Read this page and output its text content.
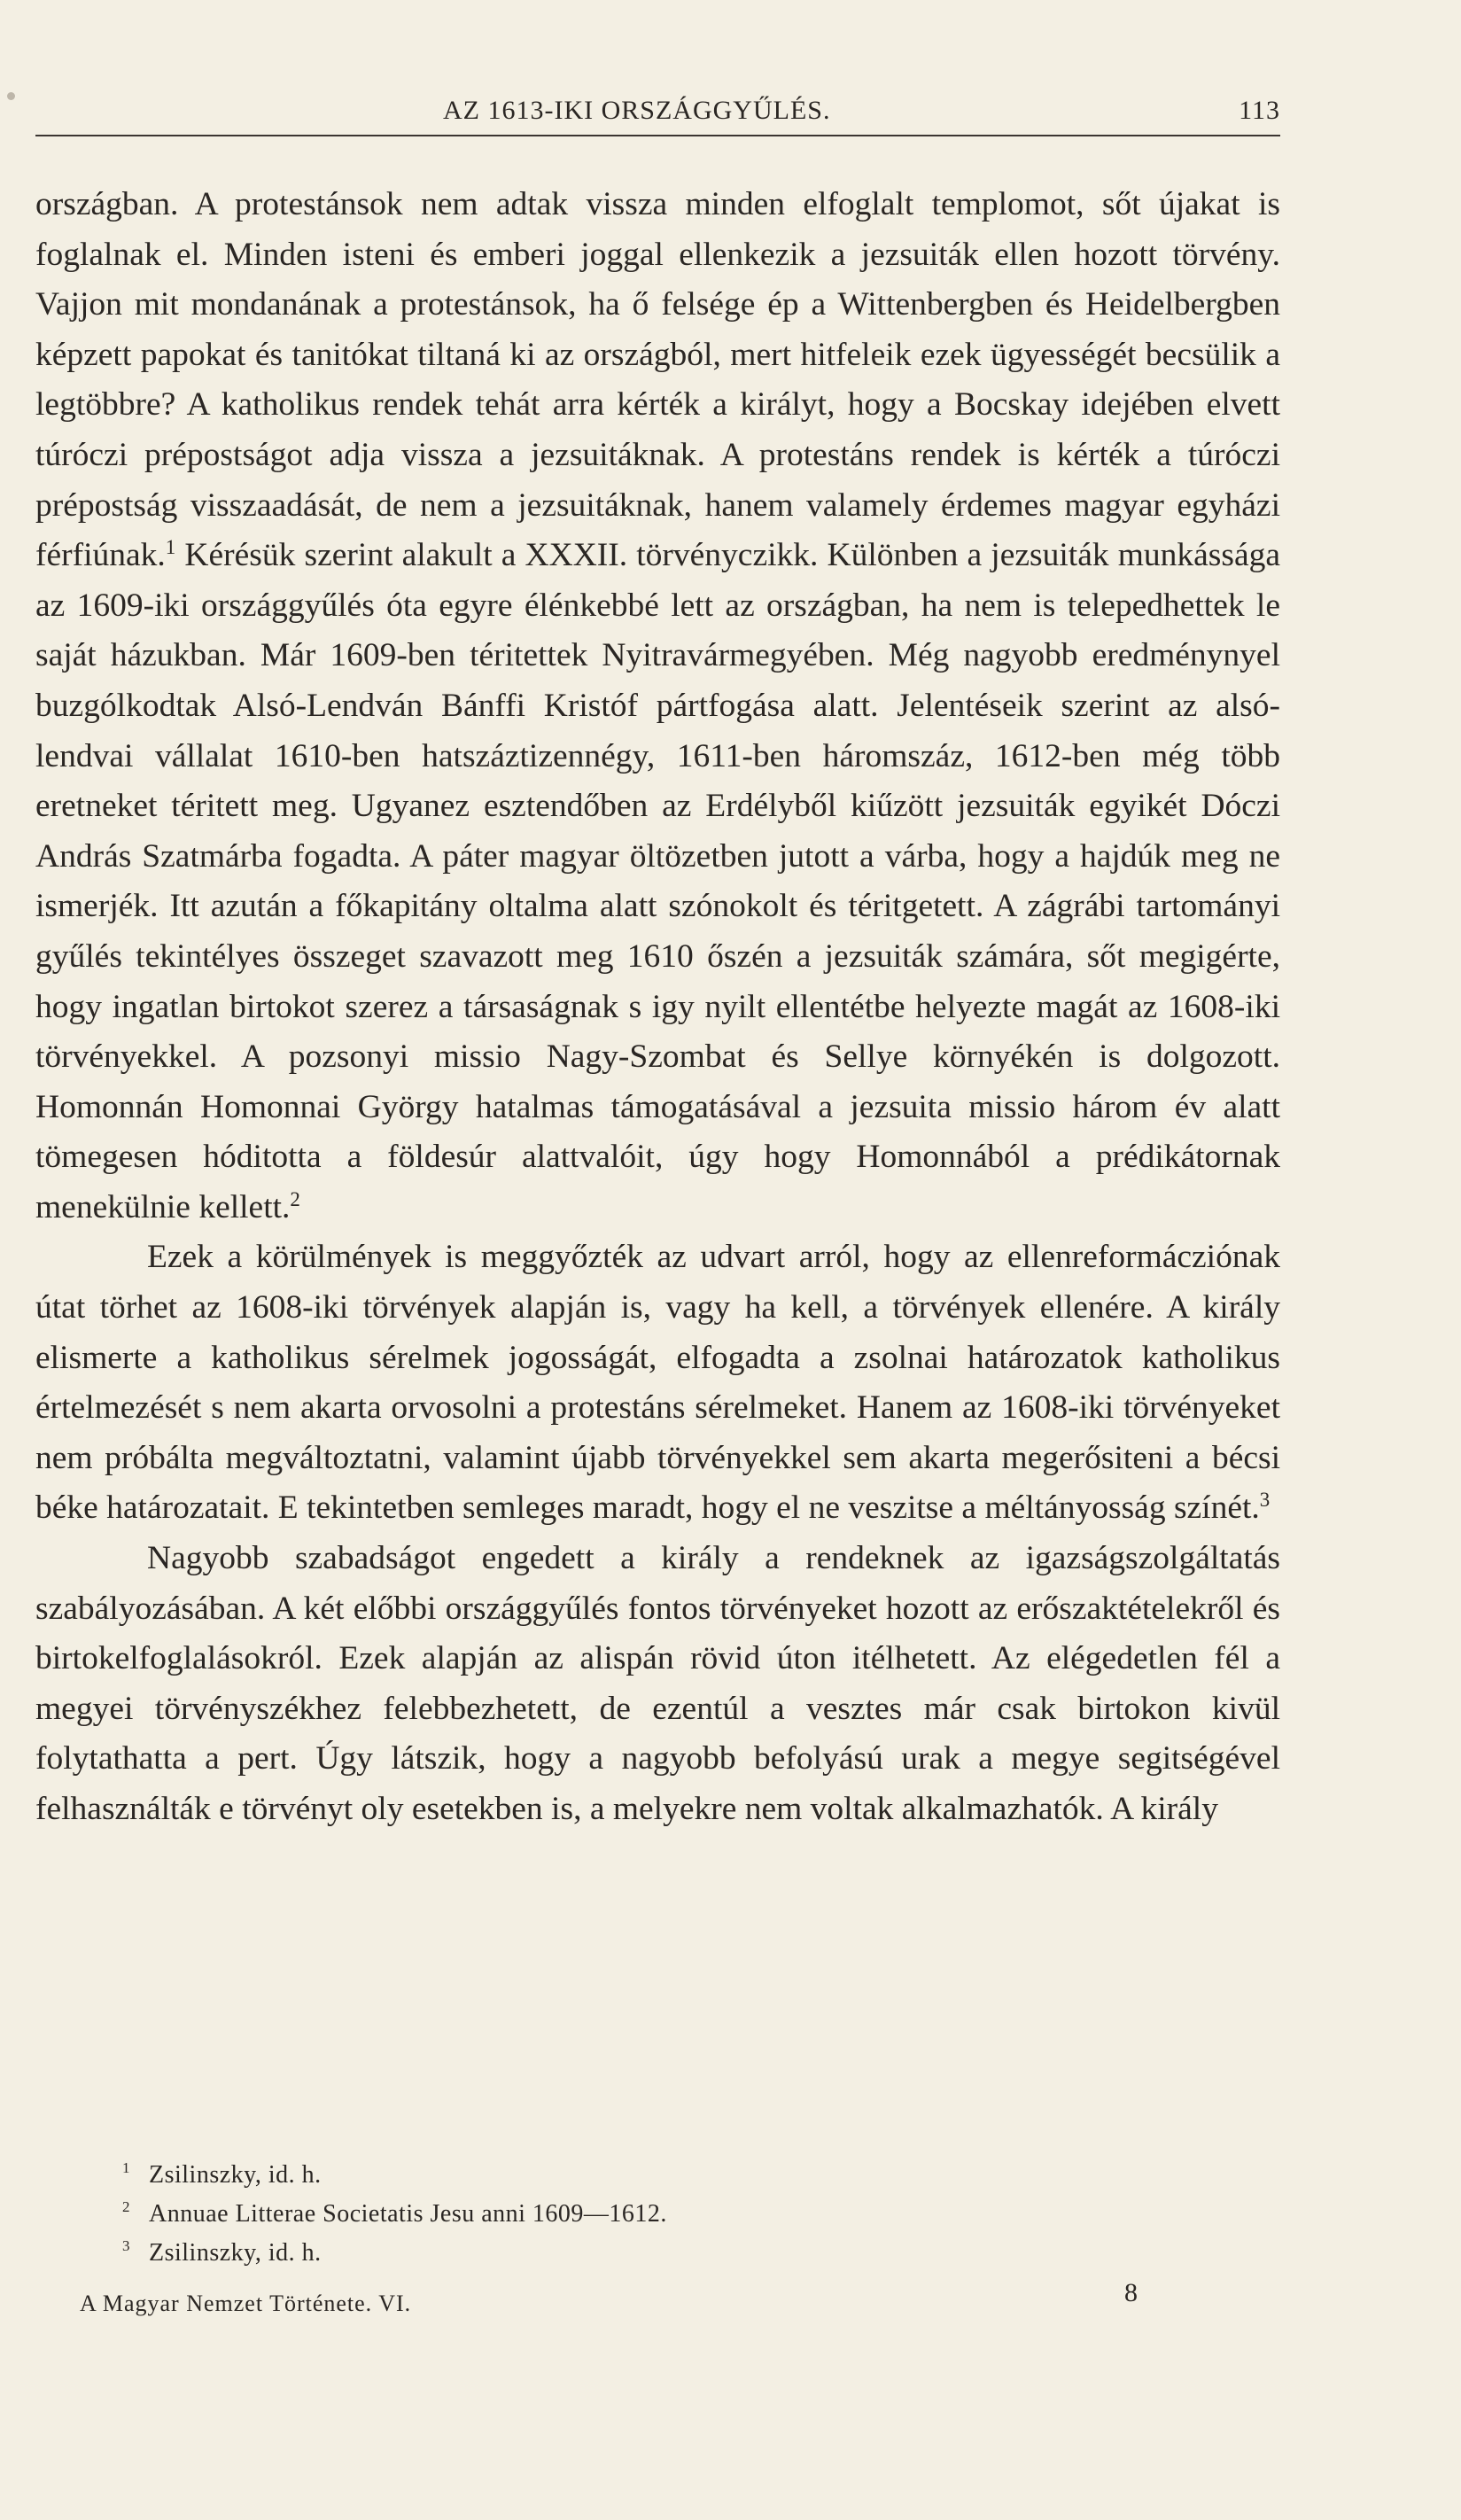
AZ 1613-IKI ORSZÁGGYŰLÉS.	113

országban. A protestánsok nem adtak vissza minden elfoglalt templomot, sőt újakat is foglalnak el. Minden isteni és emberi joggal ellenkezik a jezsuiták ellen hozott törvény. Vajjon mit mondanának a protestánsok, ha ő felsége ép a Wittenbergben és Heidelbergben képzett papokat és tanitókat tiltaná ki az országból, mert hitfeleik ezek ügyességét becsülik a legtöbbre? A katholikus rendek tehát arra kérték a királyt, hogy a Bocskay idejében elvett túróczi prépostságot adja vissza a jezsuitáknak. A protestáns rendek is kérték a túróczi prépostság visszaadását, de nem a jezsuitáknak, hanem valamely érdemes magyar egyházi férfiúnak.$^1$ Kérésük szerint alakult a XXXII. törvényczikk. Különben a jezsuiták munkássága az 1609-iki országgyűlés óta egyre élénkebbé lett az országban, ha nem is telepedhettek le saját házukban. Már 1609-ben téritettek Nyitravármegyében. Még nagyobb eredménynyel buzgólkodtak Alsó-Lendván Bánffi Kristóf pártfogása alatt. Jelentéseik szerint az alsó-lendvai vállalat 1610-ben hatszáztizennégy, 1611-ben háromszáz, 1612-ben még több eretneket téritett meg. Ugyanez esztendőben az Erdélyből kiűzött jezsuiták egyikét Dóczi András Szatmárba fogadta. A páter magyar öltözetben jutott a várba, hogy a hajdúk meg ne ismerjék. Itt azután a főkapitány oltalma alatt szónokolt és téritgetett. A zágrábi tartományi gyűlés tekintélyes összeget szavazott meg 1610 őszén a jezsuiták számára, sőt megigérte, hogy ingatlan birtokot szerez a társaságnak s igy nyilt ellentétbe helyezte magát az 1608-iki törvényekkel. A pozsonyi missio Nagy-Szombat és Sellye környékén is dolgozott. Homonnán Homonnai György hatalmas támogatásával a jezsuita missio három év alatt tömegesen hóditotta a földesúr alattvalóit, úgy hogy Homonnából a prédikátornak menekülnie kellett.$^2$

Ezek a körülmények is meggyőzték az udvart arról, hogy az ellenreformácziónak útat törhet az 1608-iki törvények alapján is, vagy ha kell, a törvények ellenére. A király elismerte a katholikus sérelmek jogosságát, elfogadta a zsolnai határozatok katholikus értelmezését s nem akarta orvosolni a protestáns sérelmeket. Hanem az 1608-iki törvényeket nem próbálta megváltoztatni, valamint újabb törvényekkel sem akarta megerősiteni a bécsi béke határozatait. E tekintetben semleges maradt, hogy el ne veszitse a méltányosság színét.$^3$

Nagyobb szabadságot engedett a király a rendeknek az igazságszolgáltatás szabályozásában. A két előbbi országgyűlés fontos törvényeket hozott az erőszaktételekről és birtokelfoglalásokról. Ezek alapján az alispán rövid úton itélhetett. Az elégedetlen fél a megyei törvényszékhez felebbezhetett, de ezentúl a vesztes már csak birtokon kivül folytathatta a pert. Úgy látszik, hogy a nagyobb befolyású urak a megye segitségével felhasználták e törvényt oly esetekben is, a melyekre nem voltak alkalmazhatók. A király

1 Zsilinszky, id. h.
2 Annuae Litterae Societatis Jesu anni 1609—1612.
3 Zsilinszky, id. h.
A Magyar Nemzet Története. VI.	8
